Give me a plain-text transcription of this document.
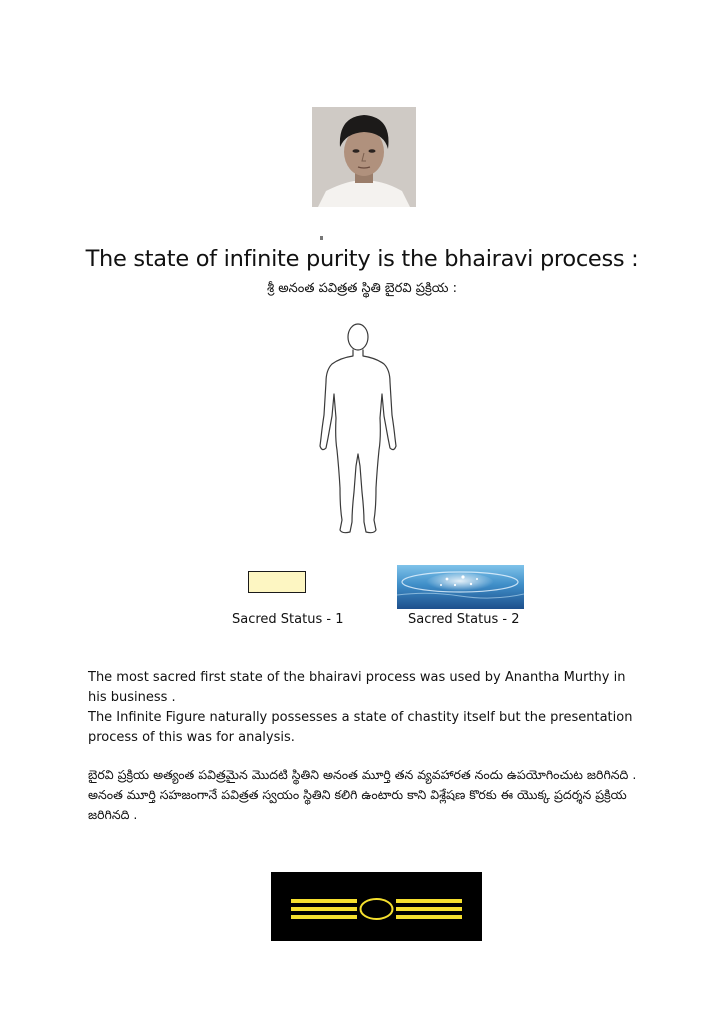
The state of infinite purity is the bhairavi process :
శ్రీ అనంత పవిత్రత స్థితి బైరవి ప్రక్రియ :
Sacred Status - 1	Sacred Status - 2

The most sacred first state of the bhairavi process was used by Anantha Murthy in his business .

The Infinite Figure naturally possesses a state of chastity itself but the presentation process of this was for analysis.

బైరవి ప్రక్రియ అత్యంత పవిత్రమైన మొదటి స్థితిని అనంత మూర్తి తన వ్యవహారత నందు ఉపయోగించుట జరిగినది .

అనంత మూర్తి సహజంగానే పవిత్రత స్వయం స్థితిని కలిగి ఉంటారు కాని విశ్లేషణ కొరకు ఈ యొక్క ప్రదర్శన ప్రక్రియ జరిగినది .
